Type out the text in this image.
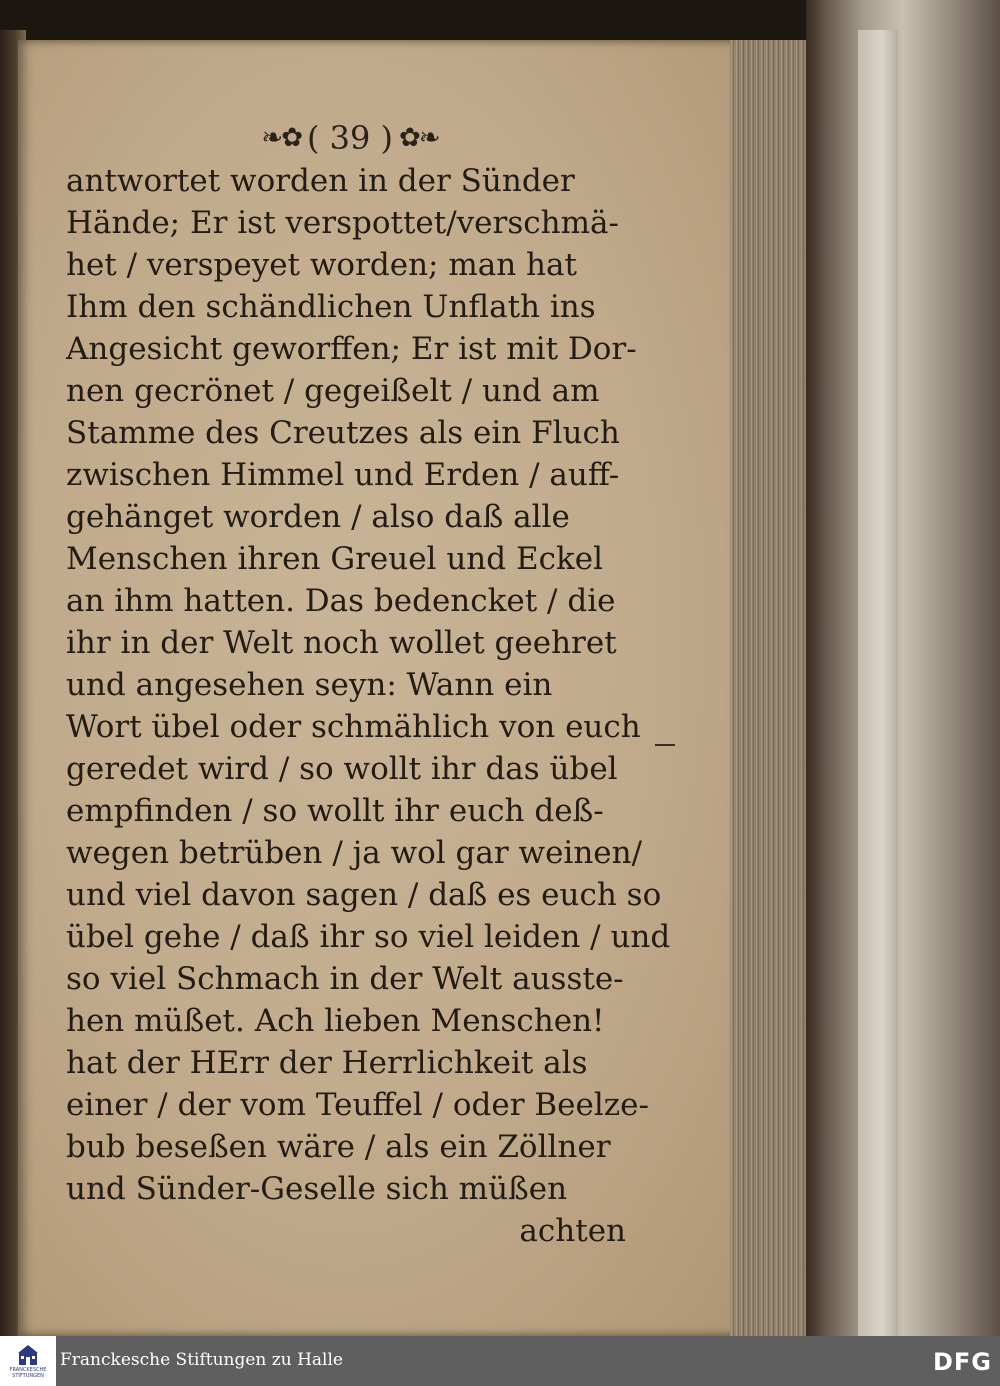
❧✿ ( 39 ) ✿❧
antwortet worden in der Sünder
Hände; Er ist verspottet/verschmä-
het / verspeyet worden; man hat
Ihm den schändlichen Unflath ins
Angesicht geworffen; Er ist mit Dor-
nen gecrönet / gegeißelt / und am
Stamme des Creutzes als ein Fluch
zwischen Himmel und Erden / auff-
gehänget worden / also daß alle
Menschen ihren Greuel und Eckel
an ihm hatten. Das bedencket / die
ihr in der Welt noch wollet geehret
und angesehen seyn: Wann ein
Wort übel oder schmählich von euch
geredet wird / so wollt ihr das übel
empfinden / so wollt ihr euch deß-
wegen betrüben / ja wol gar weinen/
und viel davon sagen / daß es euch so
übel gehe / daß ihr so viel leiden / und
so viel Schmach in der Welt ausste-
hen müßet. Ach lieben Menschen!
hat der HErr der Herrlichkeit als
einer / der vom Teuffel / oder Beelze-
bub beseßen wäre / als ein Zöllner
und Sünder-Geselle sich müßen
achten
FRANCKESCHE
STIFTUNGEN
Franckesche Stiftungen zu Halle	DFG
